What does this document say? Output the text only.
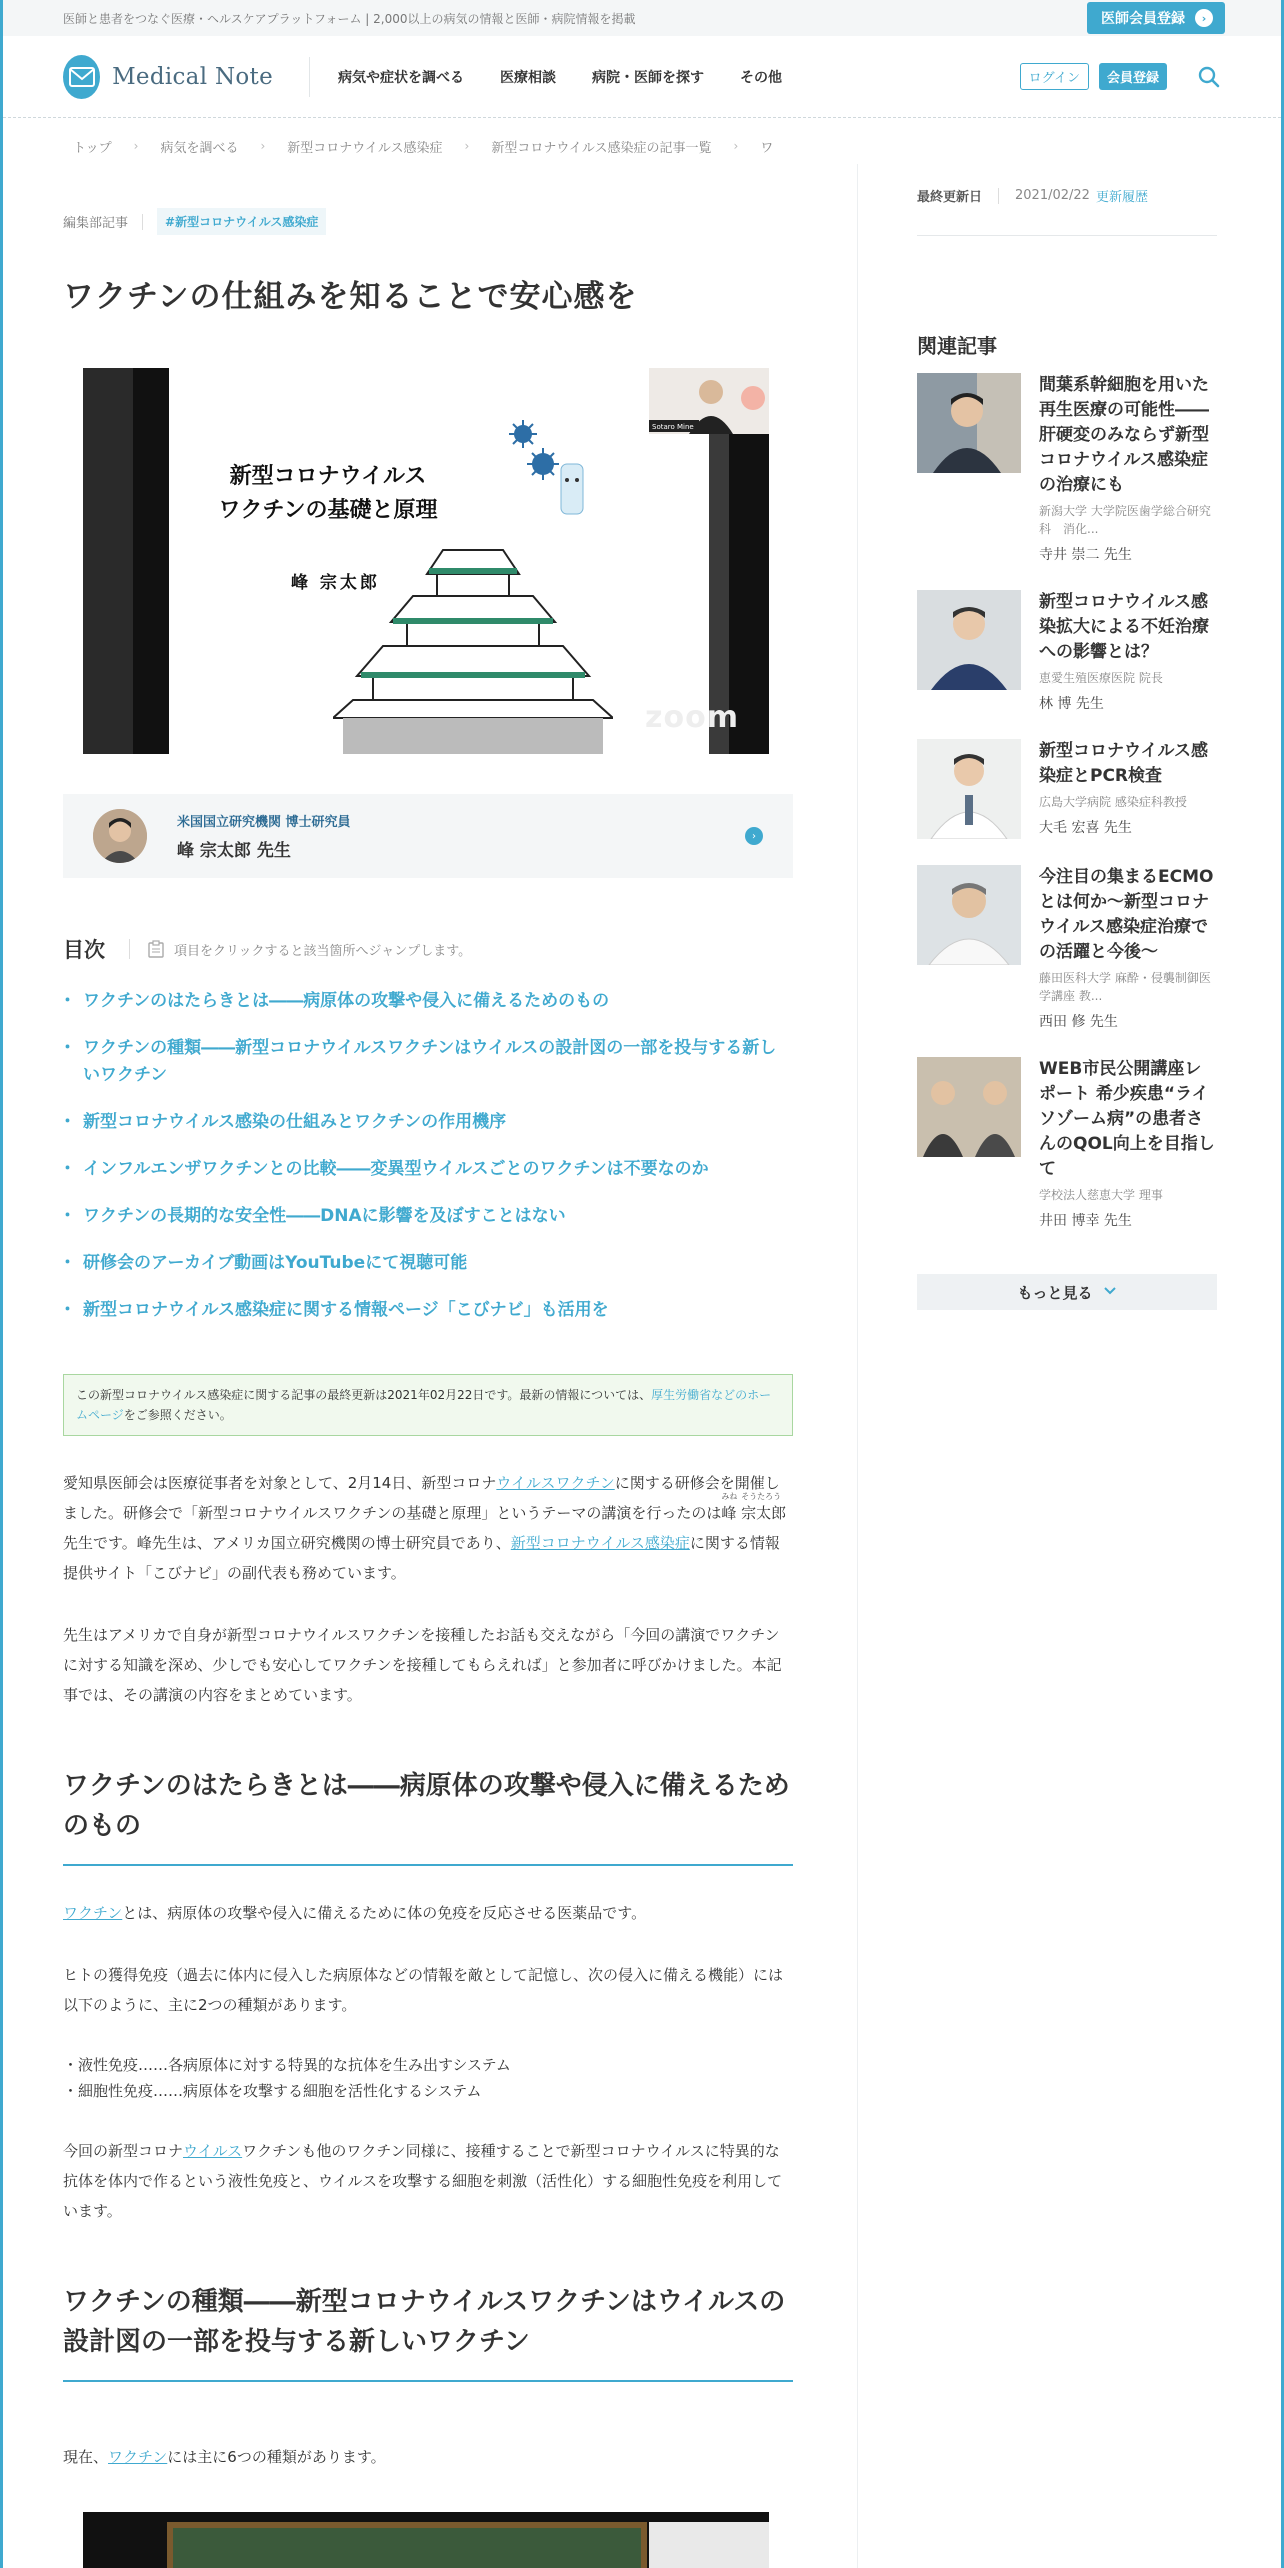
医師と患者をつなぐ医療・ヘルスケアプラットフォーム | 2,000以上の病気の情報と医師・病院情報を掲載	医師会員登録	›
Medical Note	病気や症状を調べる	医療相談	病院・医師を探す	その他	ログイン	会員登録
トップ › 病気を調べる › 新型コロナウイルス感染症 › 新型コロナウイルス感染症の記事一覧 › ワ
編集部記事	#新型コロナウイルス感染症
ワクチンの仕組みを知ることで安心感を
新型コロナウイルス
ワクチンの基礎と原理
峰 宗太郎
Sotaro Mine
zoom
米国国立研究機関 博士研究員
峰 宗太郎 先生
›
目次	項目をクリックすると該当箇所へジャンプします。
・ ワクチンのはたらきとは――病原体の攻撃や侵入に備えるためのもの
・ ワクチンの種類――新型コロナウイルスワクチンはウイルスの設計図の一部を投与する新しいワクチン
・ 新型コロナウイルス感染の仕組みとワクチンの作用機序
・ インフルエンザワクチンとの比較――変異型ウイルスごとのワクチンは不要なのか
・ ワクチンの長期的な安全性――DNAに影響を及ぼすことはない
・ 研修会のアーカイブ動画はYouTubeにて視聴可能
・ 新型コロナウイルス感染症に関する情報ページ「こびナビ」も活用を
この新型コロナウイルス感染症に関する記事の最終更新は2021年02月22日です。最新の情報については、厚生労働省などのホームページをご参照ください。

愛知県医師会は医療従事者を対象として、2月14日、新型コロナウイルスワクチンに関する研修会を開催しました。研修会で「新型コロナウイルスワクチンの基礎と原理」というテーマの講演を行ったのは
みね
峰
そうたろう
宗太郎先生です。峰先生は、アメリカ国立研究機関の博士研究員であり、新型コロナウイルス感染症に関する情報提供サイト「こびナビ」の副代表も務めています。

先生はアメリカで自身が新型コロナウイルスワクチンを接種したお話も交えながら「今回の講演でワクチンに対する知識を深め、少しでも安心してワクチンを接種してもらえれば」と参加者に呼びかけました。本記事では、その講演の内容をまとめています。

ワクチンのはたらきとは――病原体の攻撃や侵入に備えるためのもの

ワクチンとは、病原体の攻撃や侵入に備えるために体の免疫を反応させる医薬品です。

ヒトの獲得免疫（過去に体内に侵入した病原体などの情報を敵として記憶し、次の侵入に備える機能）には以下のように、主に2つの種類があります。

・液性免疫……各病原体に対する特異的な抗体を生み出すシステム
・細胞性免疫……病原体を攻撃する細胞を活性化するシステム

今回の新型コロナウイルスワクチンも他のワクチン同様に、接種することで新型コロナウイルスに特異的な抗体を体内で作るという液性免疫と、ウイルスを攻撃する細胞を刺激（活性化）する細胞性免疫を利用しています。

ワクチンの種類――新型コロナウイルスワクチンはウイルスの設計図の一部を投与する新しいワクチン

現在、ワクチンには主に6つの種類があります。

最終更新日	2021/02/22 更新履歴
関連記事
間葉系幹細胞を用いた再生医療の可能性――肝硬変のみならず新型コロナウイルス感染症の治療にも
新潟大学 大学院医歯学総合研究科　消化...
寺井 崇二 先生
新型コロナウイルス感染拡大による不妊治療への影響とは？
恵愛生殖医療医院 院長
林 博 先生
新型コロナウイルス感染症とPCR検査
広島大学病院 感染症科教授
大毛 宏喜 先生
今注目の集まるECMOとは何か〜新型コロナウイルス感染症治療での活躍と今後〜
藤田医科大学 麻酔・侵襲制御医学講座 教...
西田 修 先生
WEB市民公開講座レポート 希少疾患“ライソゾーム病”の患者さんのQOL向上を目指して
学校法人慈恵大学 理事
井田 博幸 先生
もっと見る
